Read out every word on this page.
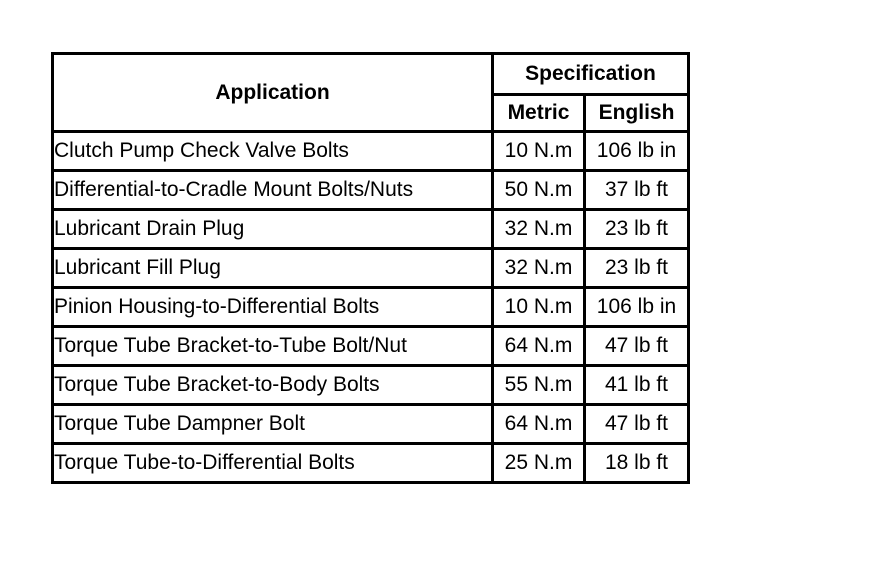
Application	Specification	
	Metric	English
Clutch Pump Check Valve Bolts	10 N.m	106 lb in
Differential-to-Cradle Mount Bolts/Nuts	50 N.m	37 lb ft
Lubricant Drain Plug	32 N.m	23 lb ft
Lubricant Fill Plug	32 N.m	23 lb ft
Pinion Housing-to-Differential Bolts	10 N.m	106 lb in
Torque Tube Bracket-to-Tube Bolt/Nut	64 N.m	47 lb ft
Torque Tube Bracket-to-Body Bolts	55 N.m	41 lb ft
Torque Tube Dampner Bolt	64 N.m	47 lb ft
Torque Tube-to-Differential Bolts	25 N.m	18 lb ft
